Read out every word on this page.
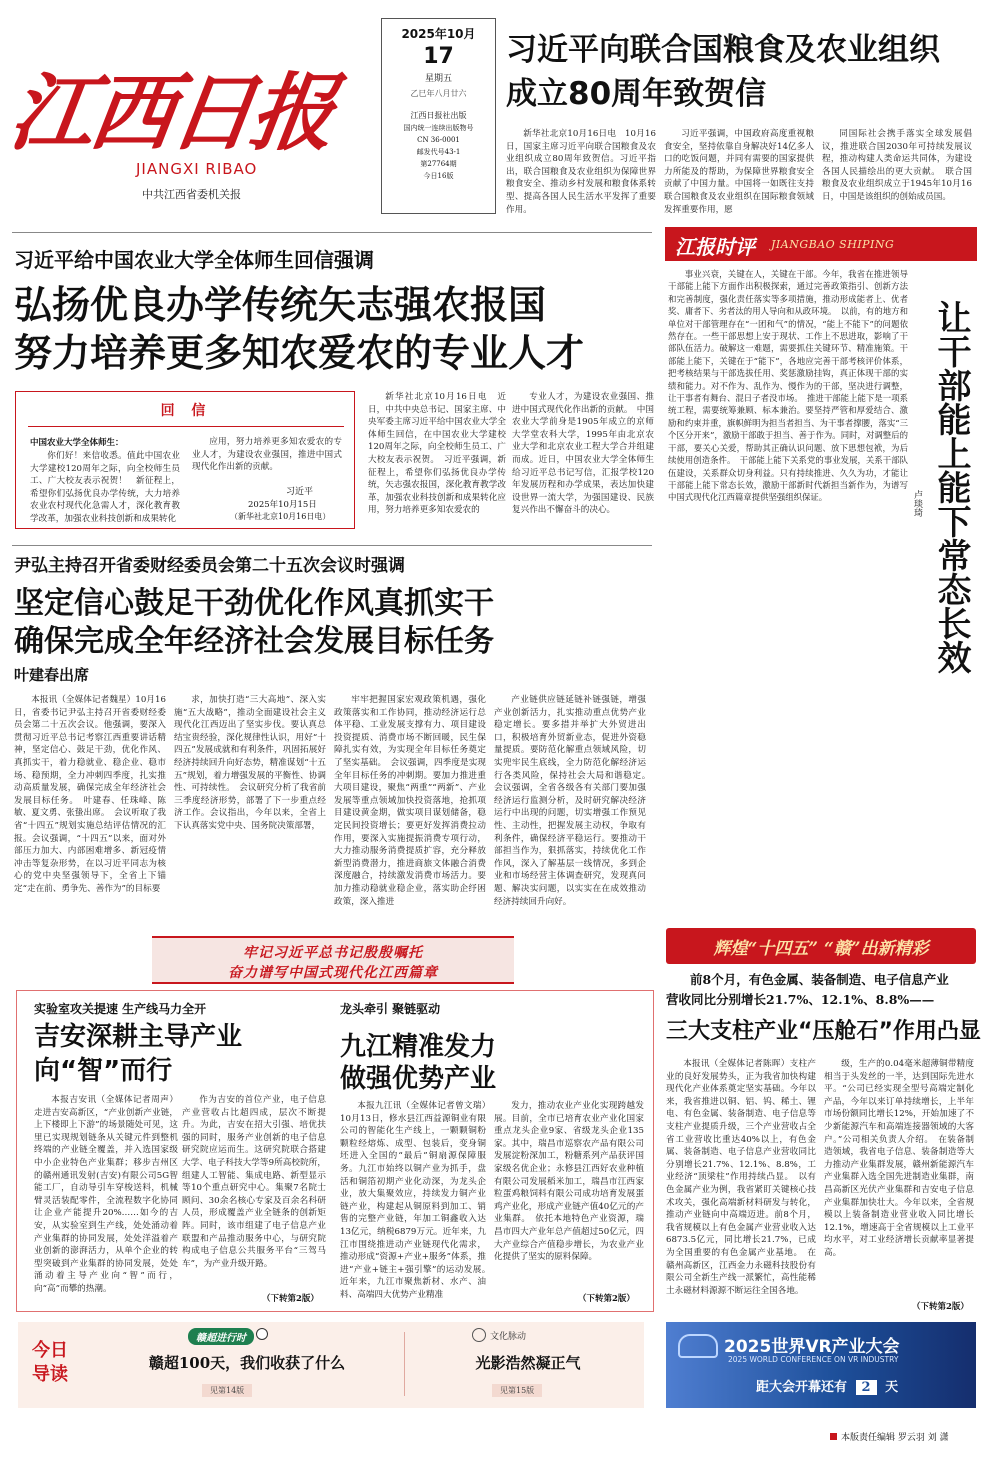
江西日报
JIANGXI RIBAO
中共江西省委机关报
2025年10月
17
星期五
乙巳年八月廿六
江西日报社出版
国内统一连续出版物号
CN 36-0001
邮发代号43-1
第27764期
今日16版
习近平向联合国粮食及农业组织
成立80周年致贺信
新华社北京10月16日电　10月16日，国家主席习近平向联合国粮食及农业组织成立80周年致贺信。习近平指出，联合国粮食及农业组织为保障世界粮食安全、推动乡村发展和粮食体系转型、提高各国人民生活水平发挥了重要作用。
习近平强调，中国政府高度重视粮食安全，坚持依靠自身解决好14亿多人口的吃饭问题，并同有需要的国家提供力所能及的帮助，为保障世界粮食安全贡献了中国力量。中国将一如既往支持联合国粮食及农业组织在国际粮食领域发挥重要作用，愿
同国际社会携手落实全球发展倡议，推进联合国2030年可持续发展议程，推动构建人类命运共同体，为建设各国人民描绘出的更大贡献。　联合国粮食及农业组织成立于1945年10月16日，中国是该组织的创始成员国。
习近平给中国农业大学全体师生回信强调
弘扬优良办学传统矢志强农报国
努力培养更多知农爱农的专业人才
回 信
中国农业大学全体师生：
你们好！来信收悉。值此中国农业大学建校120周年之际，向全校师生员工、广大校友表示祝贺！　新征程上，希望你们弘扬优良办学传统，大力培养农业农村现代化急需人才，深化教育教学改革，加强农业科技创新和成果转化
应用，努力培养更多知农爱农的专业人才，为建设农业强国，推进中国式现代化作出新的贡献。
习近平
2025年10月15日
（新华社北京10月16日电）
新华社北京10月16日电　近日，中共中央总书记、国家主席、中央军委主席习近平给中国农业大学全体师生回信，在中国农业大学建校120周年之际，向全校师生员工、广大校友表示祝贺。　习近平强调，新征程上，希望你们弘扬优良办学传统，矢志强农报国，深化教育教学改革，加强农业科技创新和成果转化应用，努力培养更多知农爱农的
专业人才，为建设农业强国、推进中国式现代化作出新的贡献。　中国农业大学前身是1905年成立的京师大学堂农科大学，1995年由北京农业大学和北京农业工程大学合并组建而成。近日，中国农业大学全体师生给习近平总书记写信，汇报学校120年发展历程和办学成果，表达加快建设世界一流大学，为强国建设、民族复兴作出不懈奋斗的决心。
尹弘主持召开省委财经委员会第二十五次会议时强调
坚定信心鼓足干劲优化作风真抓实干
确保完成全年经济社会发展目标任务
叶建春出席
本报讯（全媒体记者魏星）10月16日，省委书记尹弘主持召开省委财经委员会第二十五次会议。他强调，要深入贯彻习近平总书记考察江西重要讲话精神，坚定信心、鼓足干劲，优化作风、真抓实干，着力稳就业、稳企业、稳市场、稳预期，全力冲刺四季度，扎实推动高质量发展，确保完成全年经济社会发展目标任务。　叶建春、任珠峰、陈敏、夏文勇、张蛰出席。　会议听取了我省“十四五”规划实施总结评估情况的汇报。会议强调，“十四五”以来，面对外部压力加大、内部困难增多、新冠疫情冲击等复杂形势，在以习近平同志为核心的党中央坚强领导下，全省上下锚定“走在前、勇争先、善作为”的目标要
求，加快打造“三大高地”、深入实施“五大战略”，推动全面建设社会主义现代化江西迈出了坚实步伐。要认真总结宝贵经验，深化规律性认识，用好“十四五”发展成就和有利条件，巩固拓展好经济持续回升向好态势，精准谋划“十五五”规划，着力增强发展的平衡性、协调性、可持续性。　会议研究分析了我省前三季度经济形势，部署了下一步重点经济工作。会议指出，今年以来，全省上下认真落实党中央、国务院决策部署，
牢牢把握国家宏观政策机遇，强化政策落实和工作协同，推动经济运行总体平稳、工业发展支撑有力、项目建设投资提质、消费市场不断回暖，民生保障扎实有效，为实现全年目标任务奠定了坚实基础。　会议强调，四季度是实现全年目标任务的冲刺期。要加力推进重大项目建设，聚焦“两重”“两新”、产业发展等重点领域加快投资落地，抢抓项目建设黄金期，做实项目谋划储备，稳定民间投资增长；要更好发挥消费拉动作用，要深入实施提振消费专项行动，大力推动服务消费提质扩容，充分释放新型消费潜力，推进商旅文体融合消费深度融合，持续激发消费市场活力。要加力推动稳就业稳企业，落实助企纾困政策，深入推进
产业链供应链延链补链强链，增强产业创新活力，扎实推动重点优势产业稳定增长。要多措并举扩大外贸进出口，积极培育外贸新业态，促进外资稳量提质。要防范化解重点领域风险，切实兜牢民生底线，全力防范化解经济运行各类风险，保持社会大局和谐稳定。　会议强调，全省各级各有关部门要加强经济运行监测分析，及时研究解决经济运行中出现的问题，切实增强工作预见性、主动性，把握发展主动权，争取有利条件，确保经济平稳运行。要推动干部担当作为，狠抓落实，持续优化工作作风，深入了解基层一线情况，多到企业和市场经营主体调查研究，发现真问题、解决实问题，以实实在在成效推动经济持续回升向好。
牢记习近平总书记殷殷嘱托
奋力谱写中国式现代化江西篇章
实验室攻关提速 生产线马力全开
吉安深耕主导产业
向“智”而行
本报吉安讯（全媒体记者周声）走进吉安高新区，“产业创新产业链，上下楼即上下游”的场景随处可见，这里已实现规划链条从关键元件到整机终端的产业链全覆盖，并入选国家级中小企业特色产业集群；移步吉州区的赣州通讯发射(吉安)有限公司5G智能工厂，自动导引车穿梭送料，机械臂灵活装配零件，全流程数字化协同让企业产能提升20%……如今的吉安，从实验室到生产线，处处涌动着产业集群的协同发展，处处洋溢着产业创新的澎湃活力，从单个企业的转型突破到产业集群的协同发展，处处涌动着主导产业向“智”而行，向“高”而攀的热潮。
作为吉安的首位产业，电子信息产业营收占比超四成，层次不断提升。为此，吉安在招大引强、培优扶强的同时，服务产业创新的电子信息研究院应运而生。这研究院联合搭建大学、电子科技大学等9所高校院所，组建人工智能、集成电路、新型显示等10个重点研究中心。集聚7名院士顾问、30余名核心专家及百余名科研人员，形成覆盖产业全链条的创新矩阵。同时，该市组建了电子信息产业联盟和产品推动服务中心，与研究院构成电子信息公共服务平台“三驾马车”，为产业升级开路。
（下转第2版）
龙头牵引 聚链驱动
九江精准发力
做强优势产业
本报九江讯（全媒体记者曾文瑞）10月13日，修水县江西益源铜业有限公司的智能化生产线上，一颗颗铜粉颗粒经熔炼、成型、包装后，变身铜坯进入全国的“最后”铜扇源保障服务。九江市始终以铜产业为抓手，盘活和铜箔初期产业化动深，为龙头企业，放大集聚效应，持续发力铜产业链产业，构建起从铜原料到加工、销售的完整产业链，年加工铜鑫收入达13亿元，纳税6879万元。近年来，九江市围绕推进动产业链现代化需求，推动形成“资源+产业+服务”体系，推进“产业+链主+强引擎”的运动发展。　近年来，九江市聚焦新材、水产、油料、高端四大优势产业精准
发力，推动农业产业化实现跨越发展。目前，全市已培育农业产业化国家重点龙头企业9家、省级龙头企业135家。其中，瑞昌市巡察农产品有限公司发展淀粉深加工，粉糖系列产品获评国家级名优企业；永修县江西好农业种植有限公司发展稻米加工，瑞昌市江西家粒蛋鸡粮饲料有限公司成功培育发展蛋鸡产业化，形成产业链产值40亿元的产业集群。　依托本地特色产业资源，瑞昌市四大产业年总产值超过50亿元，四大产业综合产值稳步增长，为农业产业化提供了坚实的原料保障。
（下转第2版）
江报时评 JIANGBAO SHIPING
事业兴衰，关键在人，关键在干部。今年，我省在推进领导干部能上能下方面作出积极探索，通过完善政策指引、创新方法和完善制度，强化责任落实等多项措施，推动形成能者上、优者奖、庸者下、劣者汰的用人导向和从政环境。　以前，有的地方和单位对干部管理存在“一团和气”的情况，“能上不能下”的问题依然存在。一些干部思想上安于现状、工作上不思进取，影响了干部队伍活力。破解这一难题，需要抓住关键环节、精准施策。干部能上能下，关键在于“能下”，各地应完善干部考核评价体系，把考核结果与干部选拔任用、奖惩激励挂钩，真正体现干部的实绩和能力。对不作为、乱作为、慢作为的干部，坚决进行调整，让干事者有舞台、混日子者没市场。　推进干部能上能下是一项系统工程，需要统筹兼顾、标本兼治。要坚持严管和厚爱结合、激励和约束并重，旗帜鲜明为担当者担当、为干事者撑腰，落实“三个区分开来”，激励干部敢于担当、善于作为。同时，对调整后的干部，要关心关爱，帮助其正确认识问题、放下思想包袱，为后续使用创造条件。　干部能上能下关系党的事业发展，关系干部队伍建设，关系群众切身利益。只有持续推进、久久为功，才能让干部能上能下常态长效，激励干部新时代新担当新作为，为谱写中国式现代化江西篇章提供坚强组织保证。	让干部能上能下常态长效
卢琰琦
辉煌“十四五” “赣”出新精彩
前8个月，有色金属、装备制造、电子信息产业
营收同比分别增长21.7%、12.1%、8.8%——
三大支柱产业“压舱石”作用凸显
本报讯（全媒体记者陈晖）支柱产业的良好发展势头，正为我省加快构建现代化产业体系奠定坚实基础。今年以来，我省推进以铜、铝、钨、稀土、锂电、有色金属、装备制造、电子信息等支柱产业提质升级，三个产业营收占全省工业营收比重达40%以上，有色金属、装备制造、电子信息产业营收同比分别增长21.7%、12.1%、8.8%，工业经济“顶梁柱”作用持续凸显。　以有色金属产业为例，我省紧盯关键核心技术攻关，强化高端新材料研发与转化，推动产业链向中高端迈进。前8个月，我省规模以上有色金属产业营业收入达6873.5亿元，同比增长21.7%，已成为全国重要的有色金属产业基地。　在赣州高新区，江西金力永磁科技股份有限公司全新生产线一派繁忙，高性能稀土永磁材料源源不断运往全国各地。
级，生产的0.04毫米超薄铜带精度相当于头发丝的一半，达到国际先进水平。“公司已经实现全型号高端定制化产品，今年以来订单持续增长，上半年市场份额同比增长12%，开始加速了不少新能源汽车和高端连接器领域的大客户。”公司相关负责人介绍。　在装备制造领域，我省电子信息、装备制造等大力推动产业集群发展，赣州新能源汽车产业集群入选全国先进制造业集群，南昌高新区光伏产业集群和吉安电子信息产业集群加快壮大。今年以来，全省规模以上装备制造业营业收入同比增长12.1%，增速高于全省规模以上工业平均水平，对工业经济增长贡献率显著提高。
（下转第2版）
今日
导读
赣超进行时
赣超100天，我们收获了什么
见第14版
文化脉动
光影浩然凝正气
见第15版
2025世界VR产业大会
2025 WORLD CONFERENCE ON VR INDUSTRY
距大会开幕还有 2 天
本版责任编辑 罗云羽 刘 潇
